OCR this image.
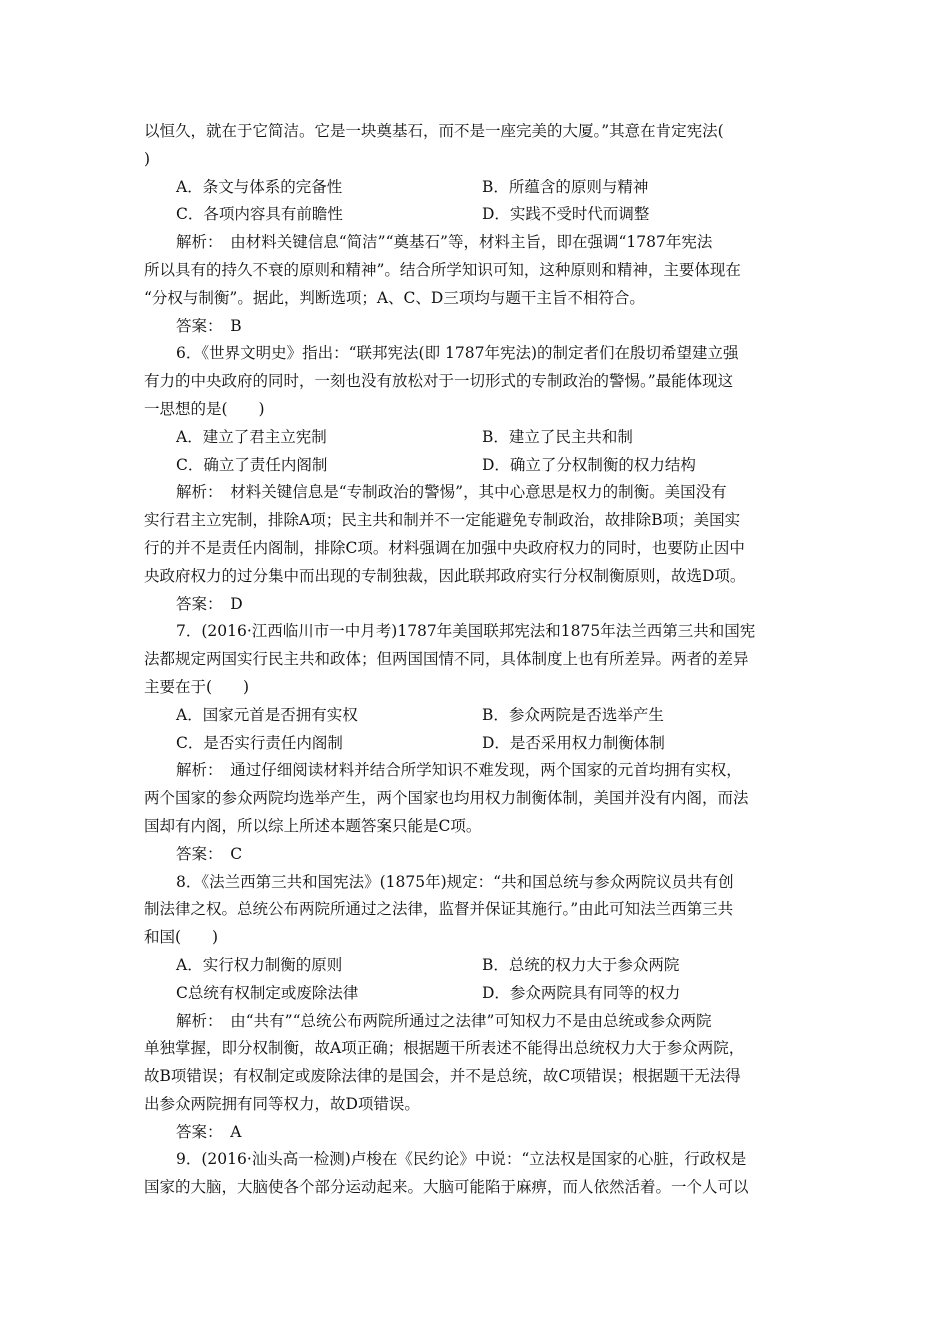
以恒久，就在于它简洁。它是一块奠基石，而不是一座完美的大厦。”其意在肯定宪法(
)
A．条文与体系的完备性	B．所蕴含的原则与精神
C．各项内容具有前瞻性	D．实践不受时代而调整
解析：　由材料关键信息“简洁”“奠基石”等，材料主旨，即在强调“1787年宪法
所以具有的持久不衰的原则和精神”。结合所学知识可知，这种原则和精神，主要体现在
“分权与制衡”。据此，判断选项；A、C、D三项均与题干主旨不相符合。
答案：　B
6．《世界文明史》指出：“联邦宪法(即 1787年宪法)的制定者们在殷切希望建立强
有力的中央政府的同时，一刻也没有放松对于一切形式的专制政治的警惕。”最能体现这
一思想的是(　　)
A．建立了君主立宪制	B．建立了民主共和制
C．确立了责任内阁制	D．确立了分权制衡的权力结构
解析：　材料关键信息是“专制政治的警惕”，其中心意思是权力的制衡。美国没有
实行君主立宪制，排除A项；民主共和制并不一定能避免专制政治，故排除B项；美国实
行的并不是责任内阁制，排除C项。材料强调在加强中央政府权力的同时，也要防止因中
央政府权力的过分集中而出现的专制独裁，因此联邦政府实行分权制衡原则，故选D项。
答案：　D
7．(2016·江西临川市一中月考)1787年美国联邦宪法和1875年法兰西第三共和国宪
法都规定两国实行民主共和政体；但两国国情不同，具体制度上也有所差异。两者的差异
主要在于(　　)
A．国家元首是否拥有实权	B．参众两院是否选举产生
C．是否实行责任内阁制	D．是否采用权力制衡体制
解析：　通过仔细阅读材料并结合所学知识不难发现，两个国家的元首均拥有实权，
两个国家的参众两院均选举产生，两个国家也均用权力制衡体制，美国并没有内阁，而法
国却有内阁，所以综上所述本题答案只能是C项。
答案：　C
8．《法兰西第三共和国宪法》(1875年)规定：“共和国总统与参众两院议员共有创
制法律之权。总统公布两院所通过之法律，监督并保证其施行。”由此可知法兰西第三共
和国(　　)
A．实行权力制衡的原则	B．总统的权力大于参众两院
C总统有权制定或废除法律	D．参众两院具有同等的权力
解析：　由“共有”“总统公布两院所通过之法律”可知权力不是由总统或参众两院
单独掌握，即分权制衡，故A项正确；根据题干所表述不能得出总统权力大于参众两院，
故B项错误；有权制定或废除法律的是国会，并不是总统，故C项错误；根据题干无法得
出参众两院拥有同等权力，故D项错误。
答案：　A
9．(2016·汕头高一检测)卢梭在《民约论》中说：“立法权是国家的心脏，行政权是
国家的大脑，大脑使各个部分运动起来。大脑可能陷于麻痹，而人依然活着。一个人可以
